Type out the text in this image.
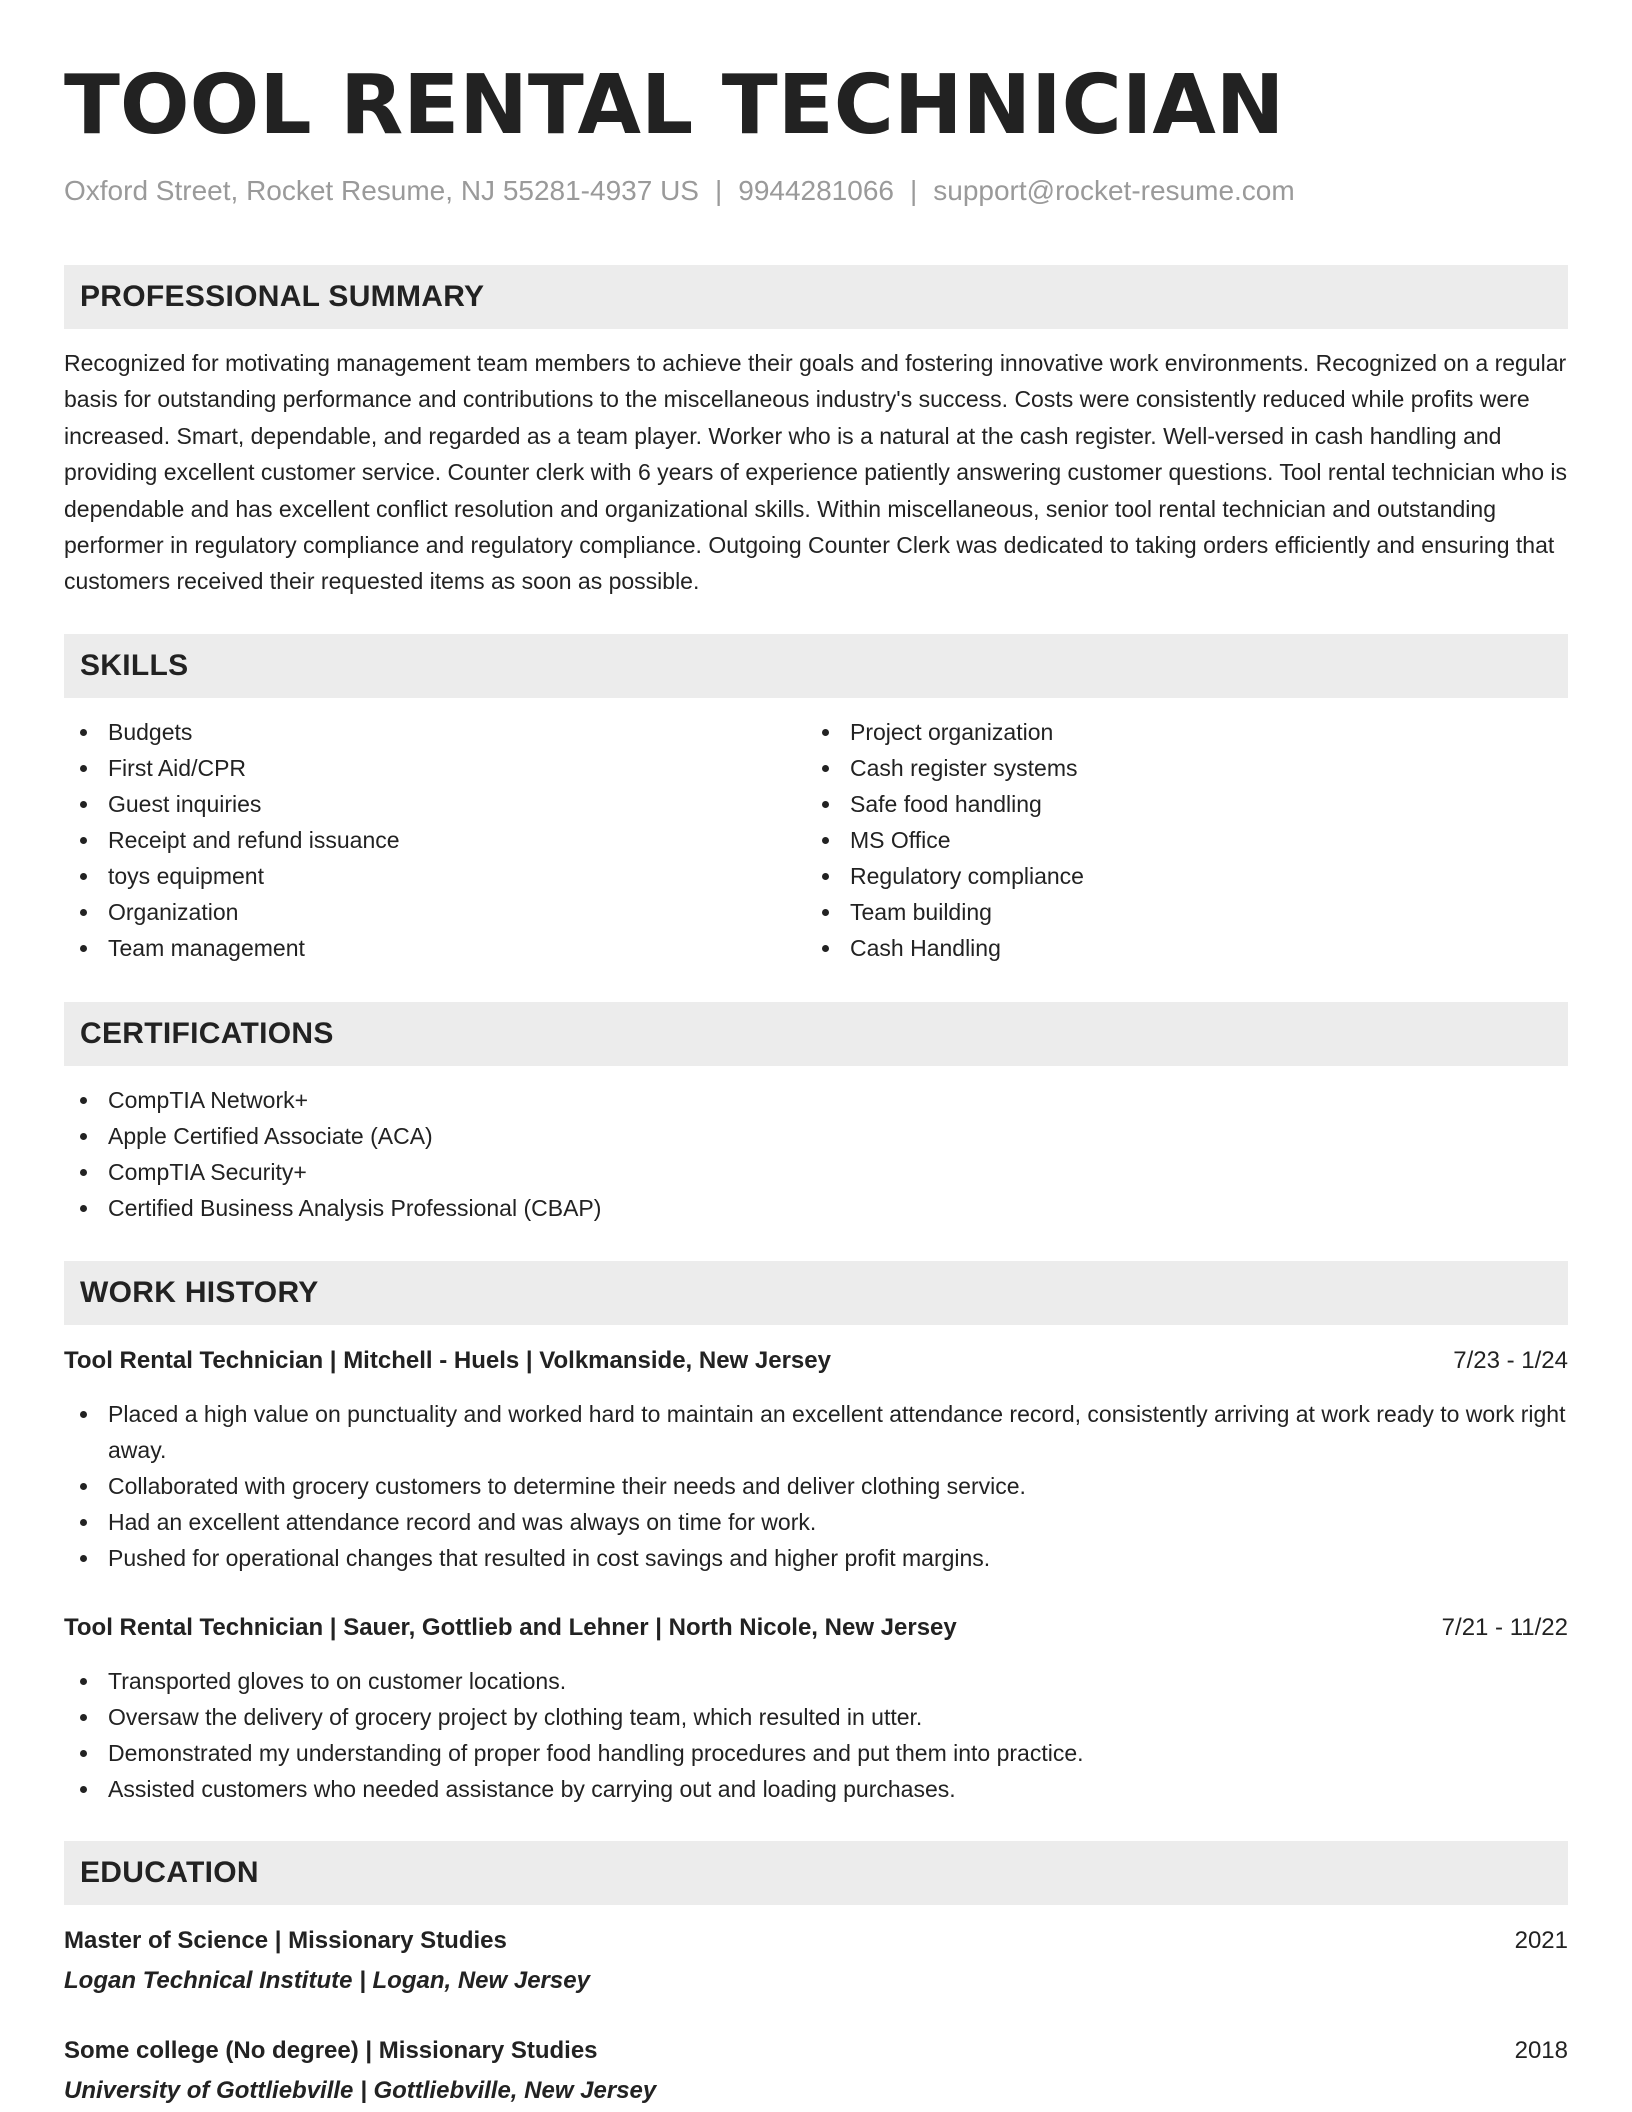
TOOL RENTAL TECHNICIAN
Oxford Street, Rocket Resume, NJ 55281-4937 US | 9944281066 | support@rocket-resume.com
PROFESSIONAL SUMMARY

Recognized for motivating management team members to achieve their goals and fostering innovative work environments. Recognized on a regular basis for outstanding performance and contributions to the miscellaneous industry's success. Costs were consistently reduced while profits were increased. Smart, dependable, and regarded as a team player. Worker who is a natural at the cash register. Well-versed in cash handling and providing excellent customer service. Counter clerk with 6 years of experience patiently answering customer questions. Tool rental technician who is dependable and has excellent conflict resolution and organizational skills. Within miscellaneous, senior tool rental technician and outstanding performer in regulatory compliance and regulatory compliance. Outgoing Counter Clerk was dedicated to taking orders efficiently and ensuring that customers received their requested items as soon as possible.

SKILLS
Budgets
First Aid/CPR
Guest inquiries
Receipt and refund issuance
toys equipment
Organization
Team management
Project organization
Cash register systems
Safe food handling
MS Office
Regulatory compliance
Team building
Cash Handling
CERTIFICATIONS
CompTIA Network+
Apple Certified Associate (ACA)
CompTIA Security+
Certified Business Analysis Professional (CBAP)
WORK HISTORY
Tool Rental Technician | Mitchell - Huels | Volkmanside, New Jersey	7/23 - 1/24
Placed a high value on punctuality and worked hard to maintain an excellent attendance record, consistently arriving at work ready to work right away.
Collaborated with grocery customers to determine their needs and deliver clothing service.
Had an excellent attendance record and was always on time for work.
Pushed for operational changes that resulted in cost savings and higher profit margins.
Tool Rental Technician | Sauer, Gottlieb and Lehner | North Nicole, New Jersey	7/21 - 11/22
Transported gloves to on customer locations.
Oversaw the delivery of grocery project by clothing team, which resulted in utter.
Demonstrated my understanding of proper food handling procedures and put them into practice.
Assisted customers who needed assistance by carrying out and loading purchases.
EDUCATION
Master of Science | Missionary Studies	2021
Logan Technical Institute | Logan, New Jersey
Some college (No degree) | Missionary Studies	2018
University of Gottliebville | Gottliebville, New Jersey
